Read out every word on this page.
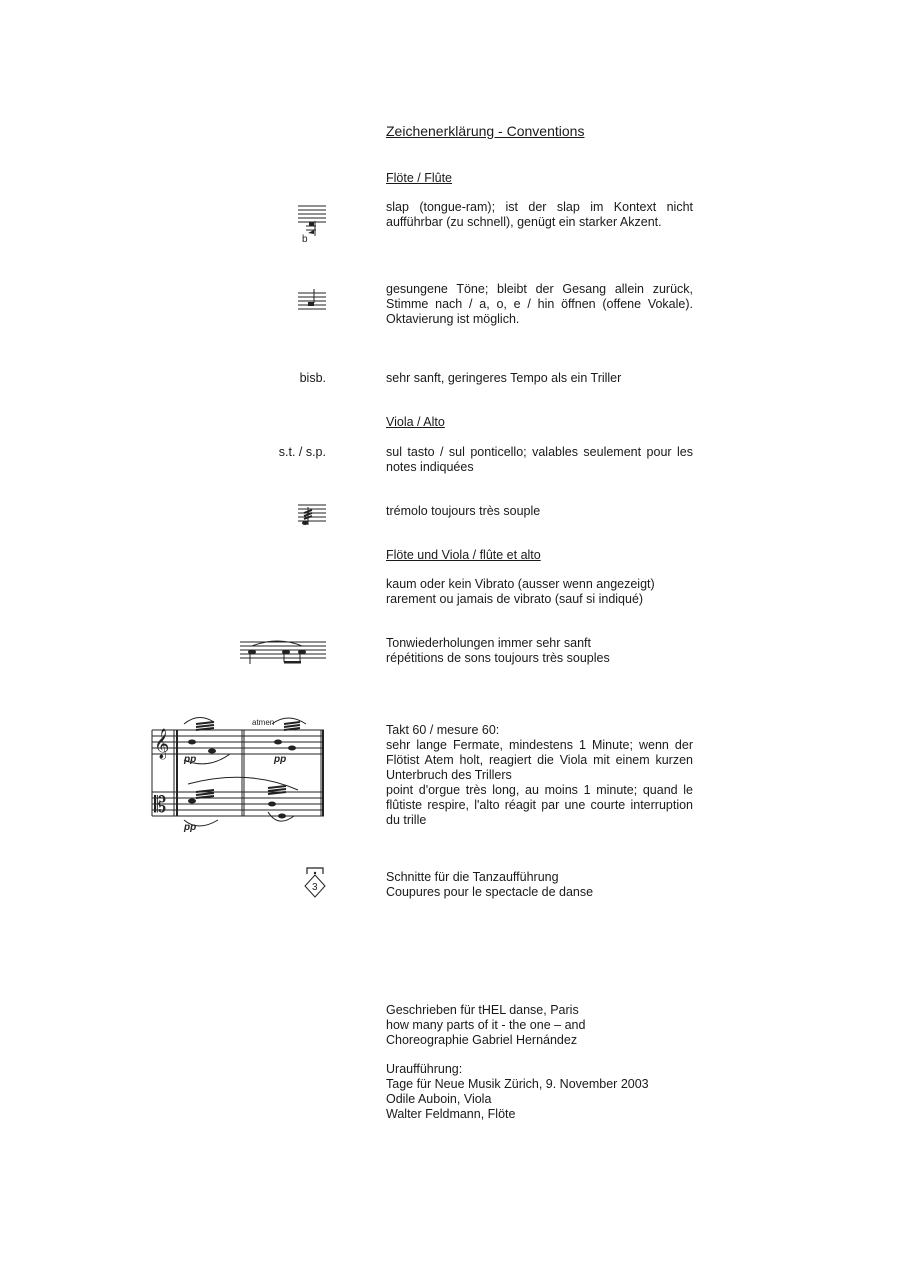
Zeichenerklärung - Conventions
Flöte / Flûte
b
slap (tongue-ram); ist der slap im Kontext nicht aufführbar (zu schnell), genügt ein starker Akzent.
gesungene Töne; bleibt der Gesang allein zurück, Stimme nach / a, o, e / hin öffnen (offene Vokale). Oktavierung ist möglich.
bisb.	sehr sanft, geringeres Tempo als ein Triller
Viola / Alto
s.t. / s.p.	sul tasto / sul ponticello; valables seulement pour les notes indiquées
trémolo toujours très souple
Flöte und Viola / flûte et alto
kaum oder kein Vibrato (ausser wenn angezeigt)
rarement ou jamais de vibrato (sauf si indiqué)
Tonwiederholungen immer sehr sanft
répétitions de sons toujours très souples
𝄞
𝄡
atmen
pp	pp
pp
Takt 60 / mesure 60:
sehr lange Fermate, mindestens 1 Minute; wenn der Flötist Atem holt, reagiert die Viola mit einem kurzen Unterbruch des Trillers
point d'orgue très long, au moins 1 minute; quand le flûtiste respire, l'alto réagit par une courte interruption du trille
3
Schnitte für die Tanzaufführung
Coupures pour le spectacle de danse
Geschrieben für tHEL danse, Paris
how many parts of it - the one – and
Choreographie Gabriel Hernández
Uraufführung:
Tage für Neue Musik Zürich, 9. November 2003
Odile Auboin, Viola
Walter Feldmann, Flöte
